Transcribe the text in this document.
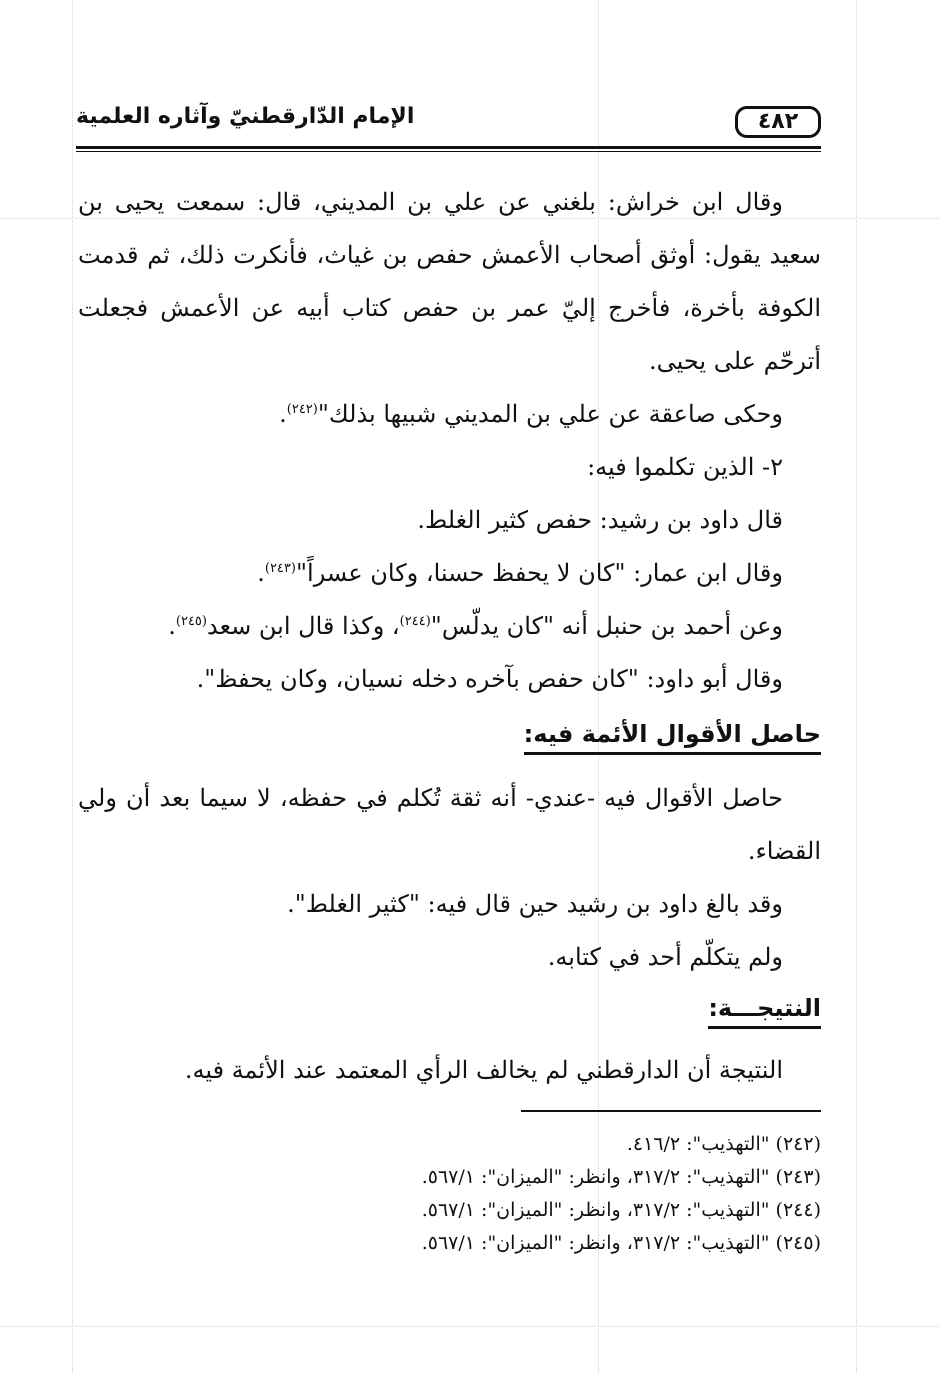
٤٨٢
الإمام الدّارقطنيّ وآثاره العلمية

وقال ابن خراش: بلغني عن علي بن المديني، قال: سمعت يحيى بن سعيد يقول: أوثق أصحاب الأعمش حفص بن غياث، فأنكرت ذلك، ثم قدمت الكوفة بأخرة، فأخرج إليّ عمر بن حفص كتاب أبيه عن الأعمش فجعلت أترحّم على يحيى.

وحكى صاعقة عن علي بن المديني شبيها بذلك"$^{(٢٤٢)}$.

٢- الذين تكلموا فيه:

قال داود بن رشيد: حفص كثير الغلط.

وقال ابن عمار: "كان لا يحفظ حسنا، وكان عسراً"$^{(٢٤٣)}$.

وعن أحمد بن حنبل أنه "كان يدلّس"$^{(٢٤٤)}$، وكذا قال ابن سعد$^{(٢٤٥)}$.

وقال أبو داود: "كان حفص بآخره دخله نسيان، وكان يحفظ".

حاصل الأقوال الأئمة فيه:

حاصل الأقوال فيه -عندي- أنه ثقة تُكلم في حفظه، لا سيما بعد أن ولي القضاء.

وقد بالغ داود بن رشيد حين قال فيه: "كثير الغلط".

ولم يتكلّم أحد في كتابه.

النتيجـــة:

النتيجة أن الدارقطني لم يخالف الرأي المعتمد عند الأئمة فيه.

(٢٤٢) "التهذيب": ٤١٦/٢.

(٢٤٣) "التهذيب": ٣١٧/٢، وانظر: "الميزان": ٥٦٧/١.

(٢٤٤) "التهذيب": ٣١٧/٢، وانظر: "الميزان": ٥٦٧/١.

(٢٤٥) "التهذيب": ٣١٧/٢، وانظر: "الميزان": ٥٦٧/١.
